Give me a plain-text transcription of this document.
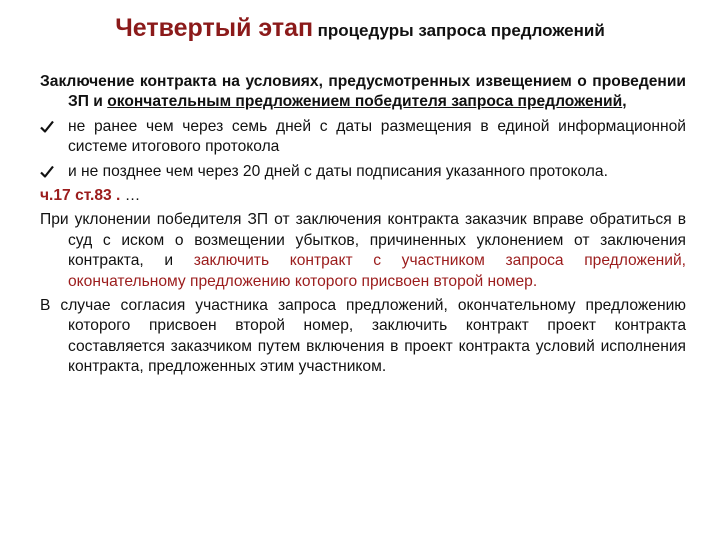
Четвертый этап процедуры запроса предложений

Заключение контракта на условиях, предусмотренных извещением о проведении ЗП и окончательным предложением победителя запроса предложений,

не ранее чем через семь дней с даты размещения в единой информационной системе итогового протокола
и не позднее чем через 20 дней с даты подписания указанного протокола.

ч.17 ст.83 . …

При уклонении победителя ЗП от заключения контракта заказчик вправе обратиться в суд с иском о возмещении убытков, причиненных уклонением от заключения контракта, и заключить контракт с участником запроса предложений, окончательному предложению которого присвоен второй номер.

В случае согласия участника запроса предложений, окончательному предложению которого присвоен второй номер, заключить контракт проект контракта составляется заказчиком путем включения в проект контракта условий исполнения контракта, предложенных этим участником.
